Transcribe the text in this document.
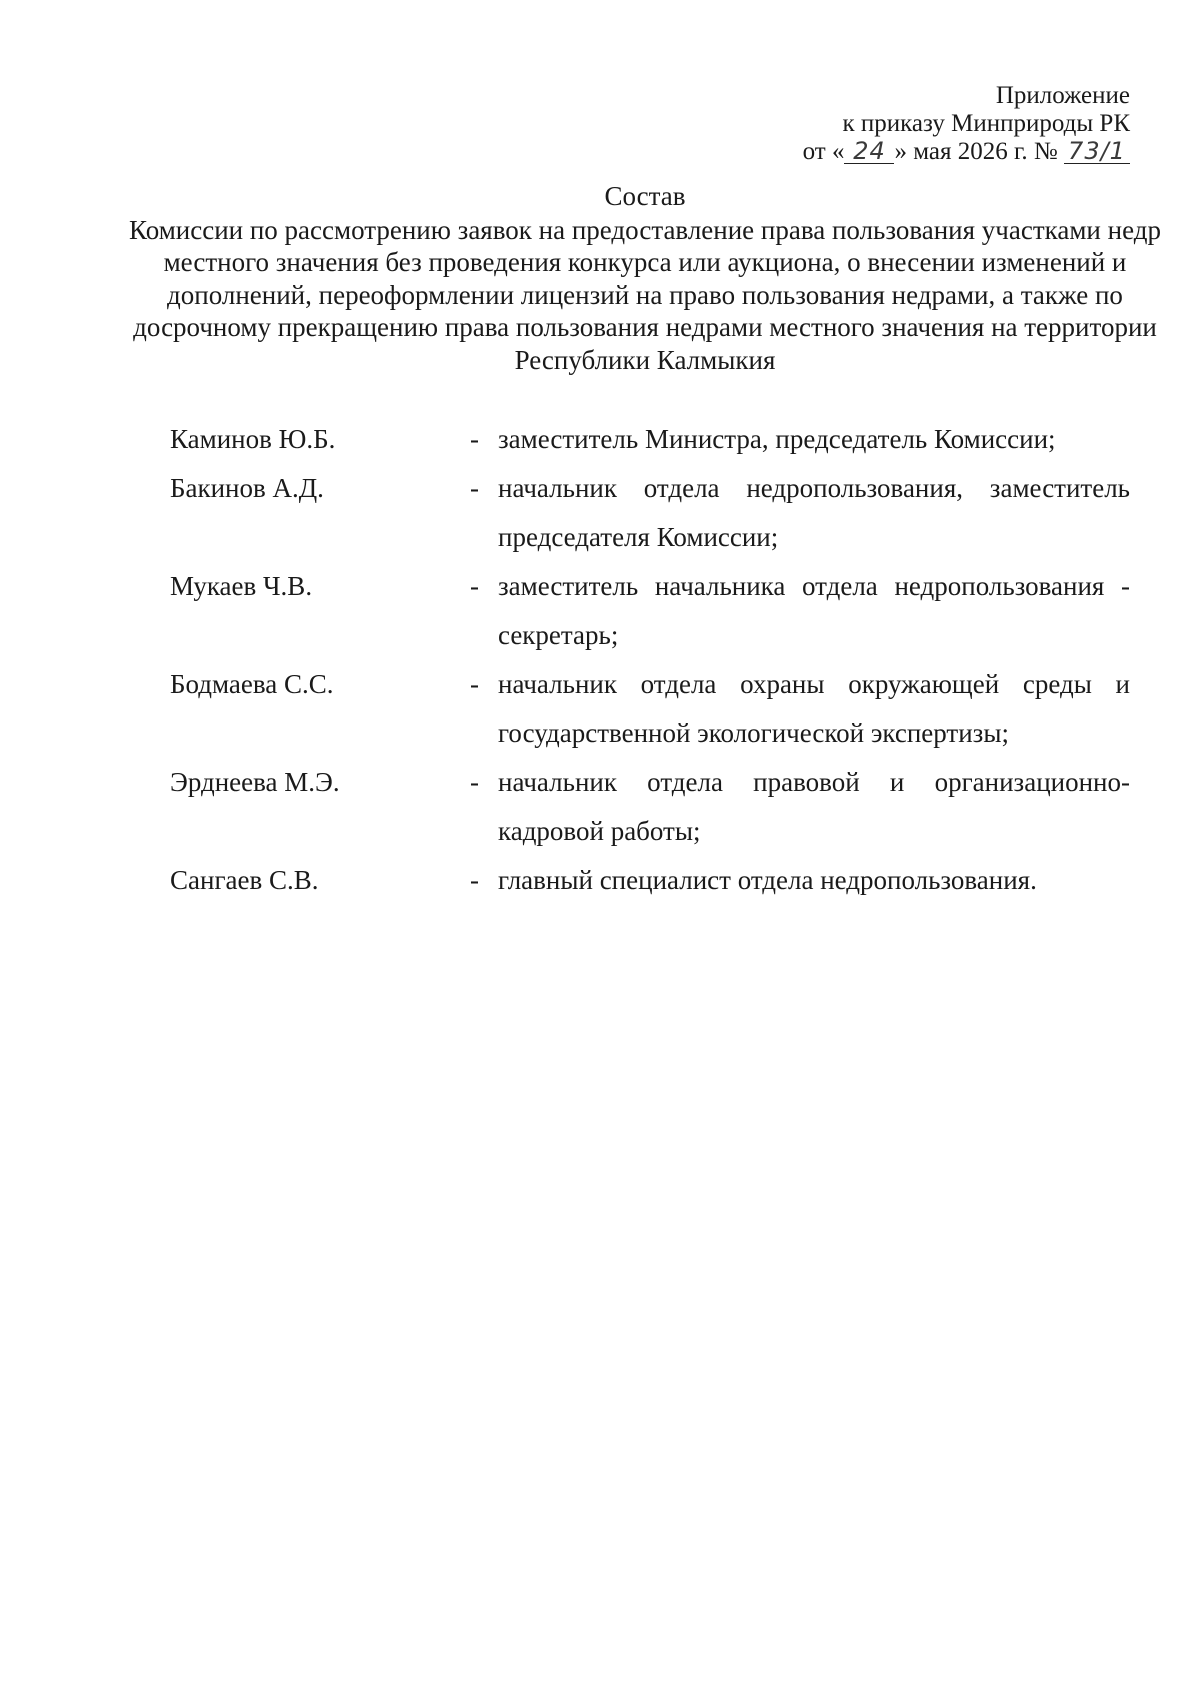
Приложение
к приказу Минприроды РК
от « 24 » мая 2026 г. № 73/1
Состав
Комиссии по рассмотрению заявок на предоставление права пользования участками недр местного значения без проведения конкурса или аукциона, о внесении изменений и дополнений, переоформлении лицензий на право пользования недрами, а также по досрочному прекращению права пользования недрами местного значения на территории Республики Калмыкия
Каминов Ю.Б.	- заместитель Министра, председатель Комиссии;
Бакинов А.Д.	- начальник отдела недропользования, заместитель председателя Комиссии;
Мукаев Ч.В.	- заместитель начальника отдела недропользования - секретарь;
Бодмаева С.С.	- начальник отдела охраны окружающей среды и государственной экологической экспертизы;
Эрднеева М.Э.	- начальник отдела правовой и организационно-кадровой работы;
Сангаев С.В.	- главный специалист отдела недропользования.
